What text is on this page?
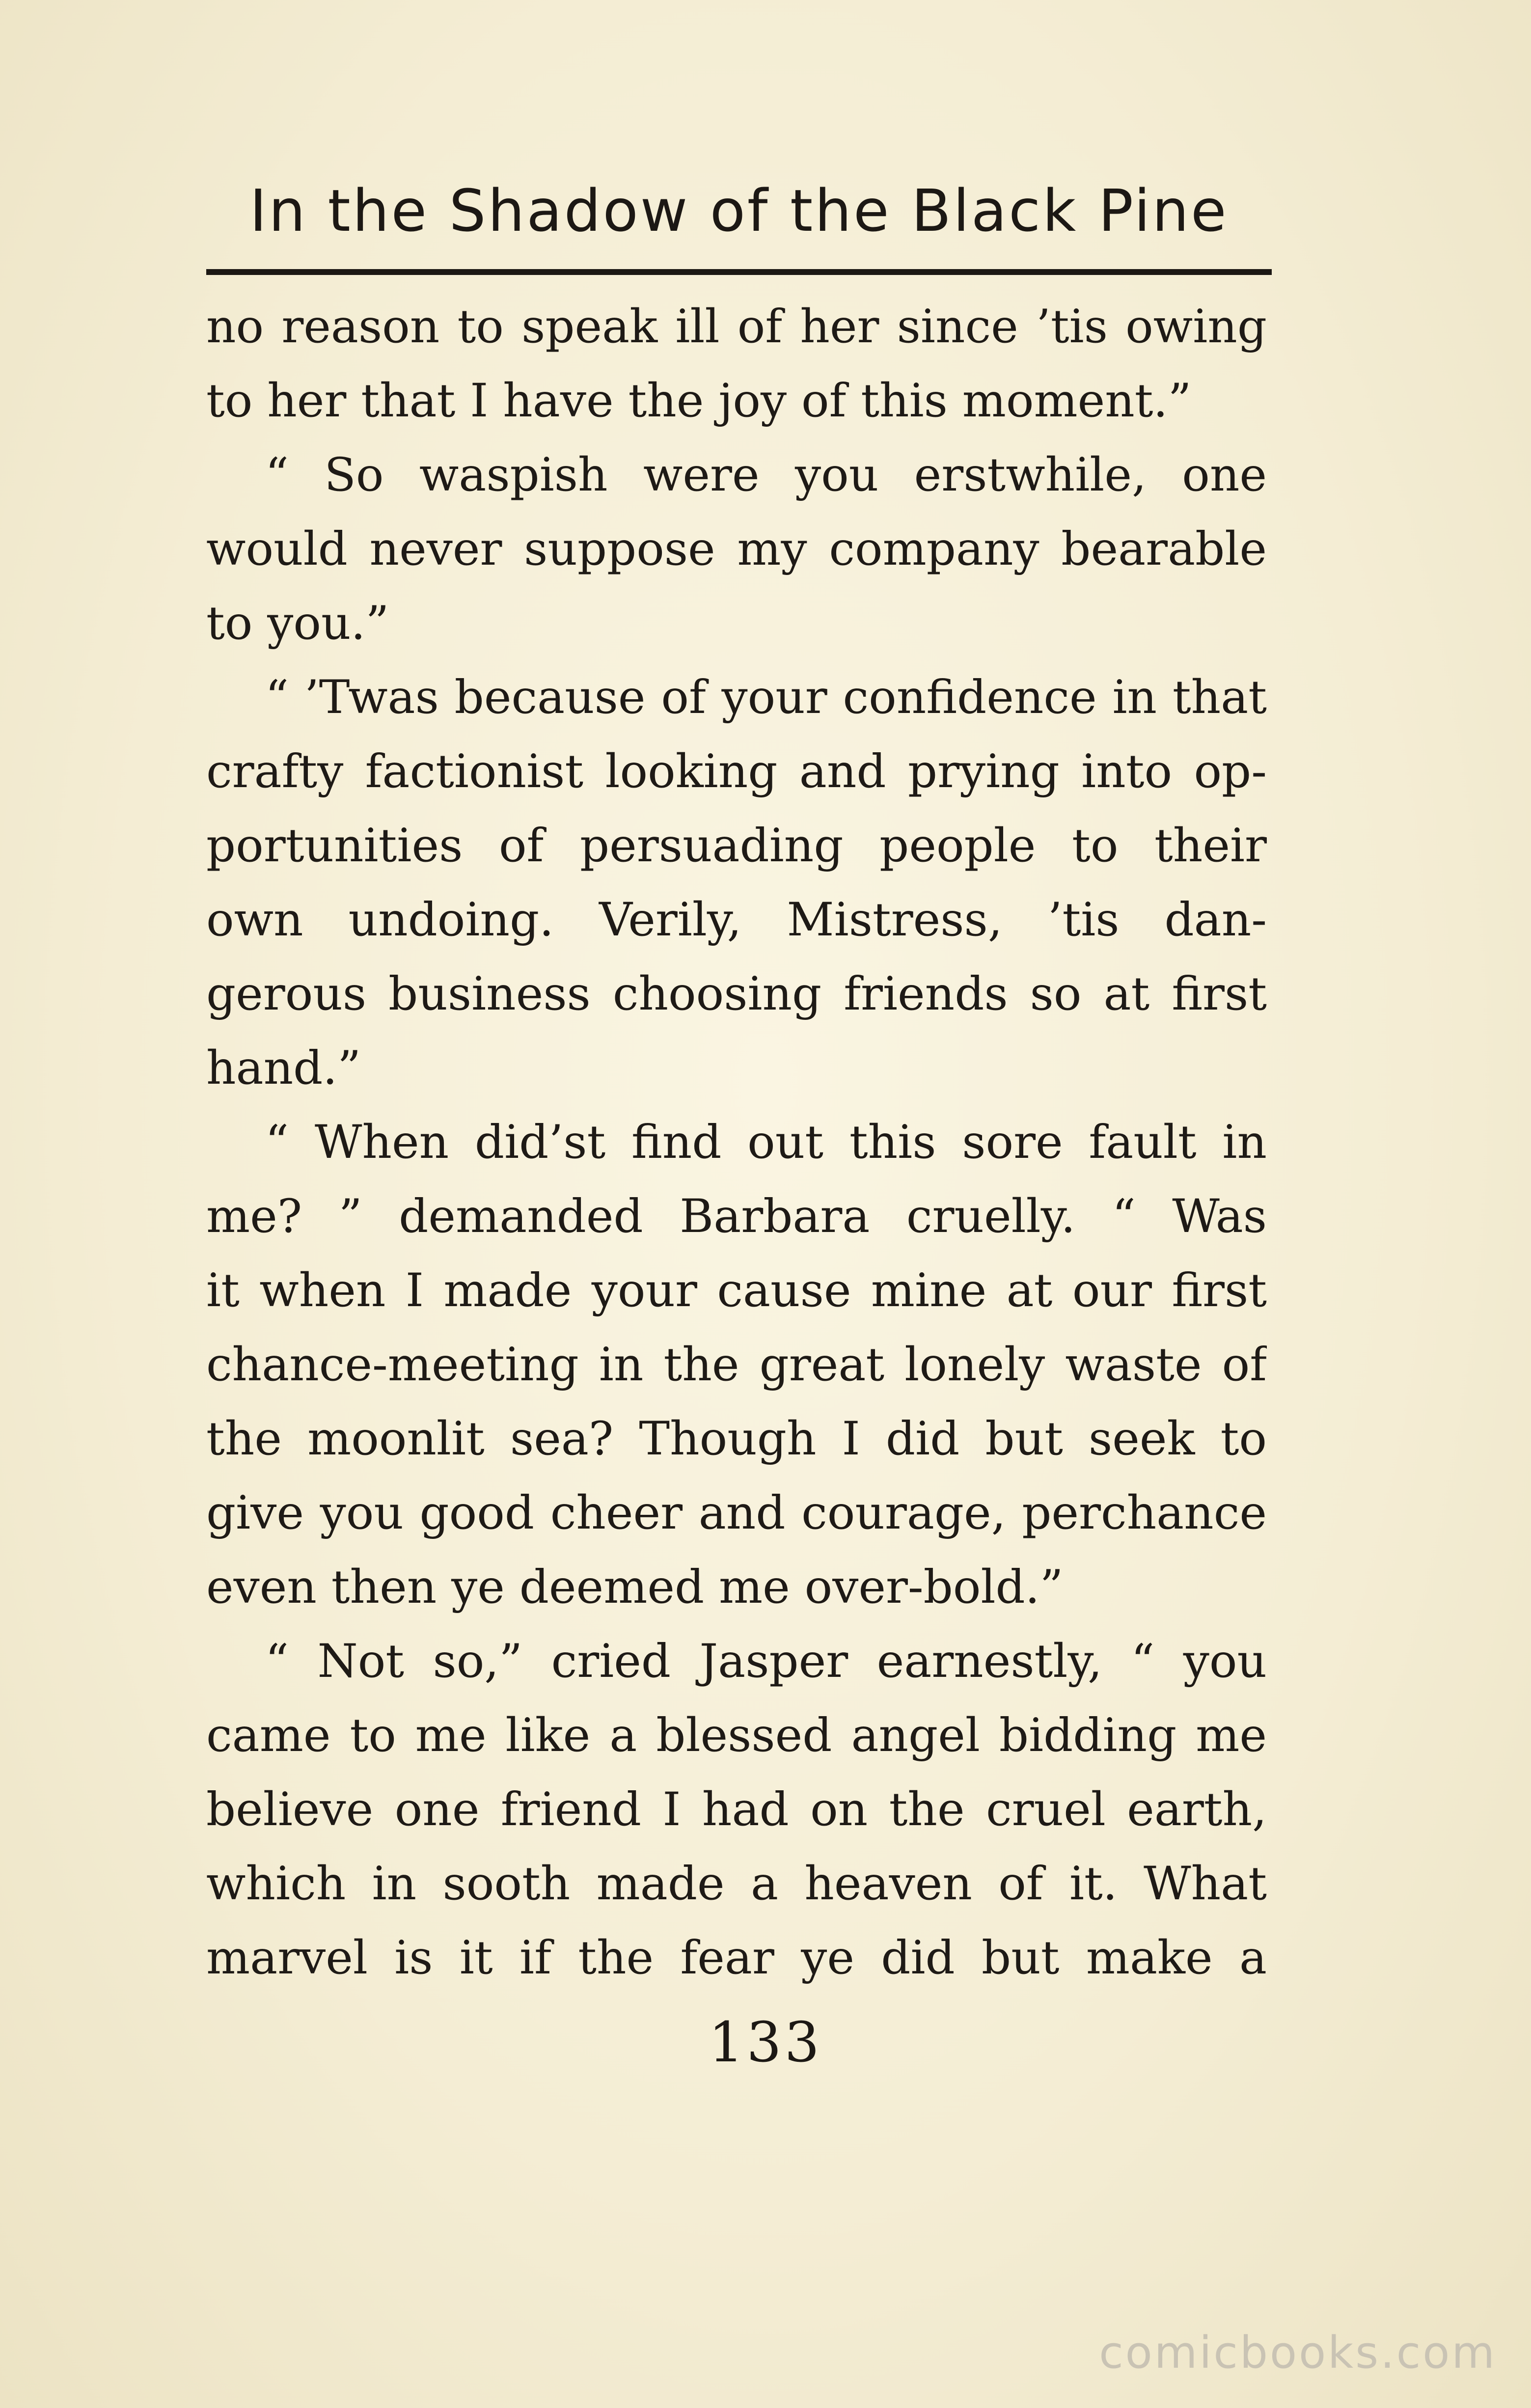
In the Shadow of the Black Pine
no reason to speak ill of her since ’tis owing
to her that I have the joy of this moment.”
“ So waspish were you erstwhile, one
would never suppose my company bearable
to you.”
“ ’Twas because of your confidence in that
crafty factionist looking and prying into op-
portunities of persuading people to their
own undoing. Verily, Mistress, ’tis dan-
gerous business choosing friends so at first
hand.”
“ When did’st find out this sore fault in
me? ” demanded Barbara cruelly. “ Was
it when I made your cause mine at our first
chance-meeting in the great lonely waste of
the moonlit sea? Though I did but seek to
give you good cheer and courage, perchance
even then ye deemed me over-bold.”
“ Not so,” cried Jasper earnestly, “ you
came to me like a blessed angel bidding me
believe one friend I had on the cruel earth,
which in sooth made a heaven of it. What
marvel is it if the fear ye did but make a
133
comicbooks.com
